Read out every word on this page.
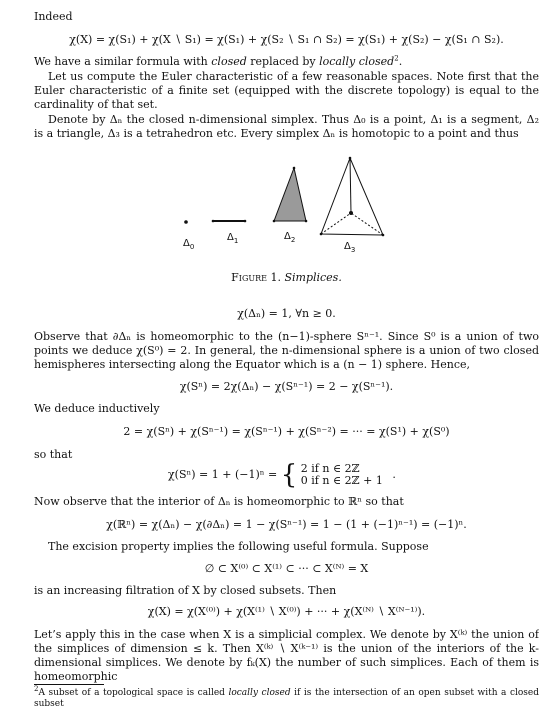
Indeed

χ(X) = χ(S₁) + χ(X ∖ S₁) = χ(S₁) + χ(S₂ ∖ S₁ ∩ S₂) = χ(S₁) + χ(S₂) − χ(S₁ ∩ S₂).

We have a similar formula with closed replaced by locally closed$^2$.

Let us compute the Euler characteristic of a few reasonable spaces. Note first that the Euler characteristic of a finite set (equipped with the discrete topology) is equal to the cardinality of that set.

Denote by Δₙ the closed n-dimensional simplex. Thus Δ₀ is a point, Δ₁ is a segment, Δ₂ is a triangle, Δ₃ is a tetrahedron etc. Every simplex Δₙ is homotopic to a point and thus

$\Delta_0$
$\Delta_1$	$\Delta_2$
$\Delta_3$
Figure 1. Simplices.
χ(Δₙ) = 1, ∀n ≥ 0.

Observe that ∂Δₙ is homeomorphic to the (n−1)-sphere Sⁿ⁻¹. Since S⁰ is a union of two points we deduce χ(S⁰) = 2. In general, the n-dimensional sphere is a union of two closed hemispheres intersecting along the Equator which is a (n − 1) sphere. Hence,

χ(Sⁿ) = 2χ(Δₙ) − χ(Sⁿ⁻¹) = 2 − χ(Sⁿ⁻¹).

We deduce inductively

2 = χ(Sⁿ) + χ(Sⁿ⁻¹) = χ(Sⁿ⁻¹) + χ(Sⁿ⁻²) = ··· = χ(S¹) + χ(S⁰)

so that

χ(Sⁿ) = 1 + (−1)ⁿ = { 2 if n ∈ 2ℤ
0 if n ∈ 2ℤ + 1 .

Now observe that the interior of Δₙ is homeomorphic to ℝⁿ so that

χ(ℝⁿ) = χ(Δₙ) − χ(∂Δₙ) = 1 − χ(Sⁿ⁻¹) = 1 − (1 + (−1)ⁿ⁻¹) = (−1)ⁿ.

The excision property implies the following useful formula. Suppose

∅ ⊂ X⁽⁰⁾ ⊂ X⁽¹⁾ ⊂ ··· ⊂ X⁽ᴺ⁾ = X

is an increasing filtration of X by closed subsets. Then

χ(X) = χ(X⁽⁰⁾) + χ(X⁽¹⁾ ∖ X⁽⁰⁾) + ··· + χ(X⁽ᴺ⁾ ∖ X⁽ᴺ⁻¹⁾).

Let’s apply this in the case when X is a simplicial complex. We denote by X⁽ᵏ⁾ the union of the simplices of dimension ≤ k. Then X⁽ᵏ⁾ ∖ X⁽ᵏ⁻¹⁾ is the union of the interiors of the k-dimensional simplices. We denote by fₖ(X) the number of such simplices. Each of them is homeomorphic

$^2$A subset of a topological space is called locally closed if is the intersection of an open subset with a closed subset
